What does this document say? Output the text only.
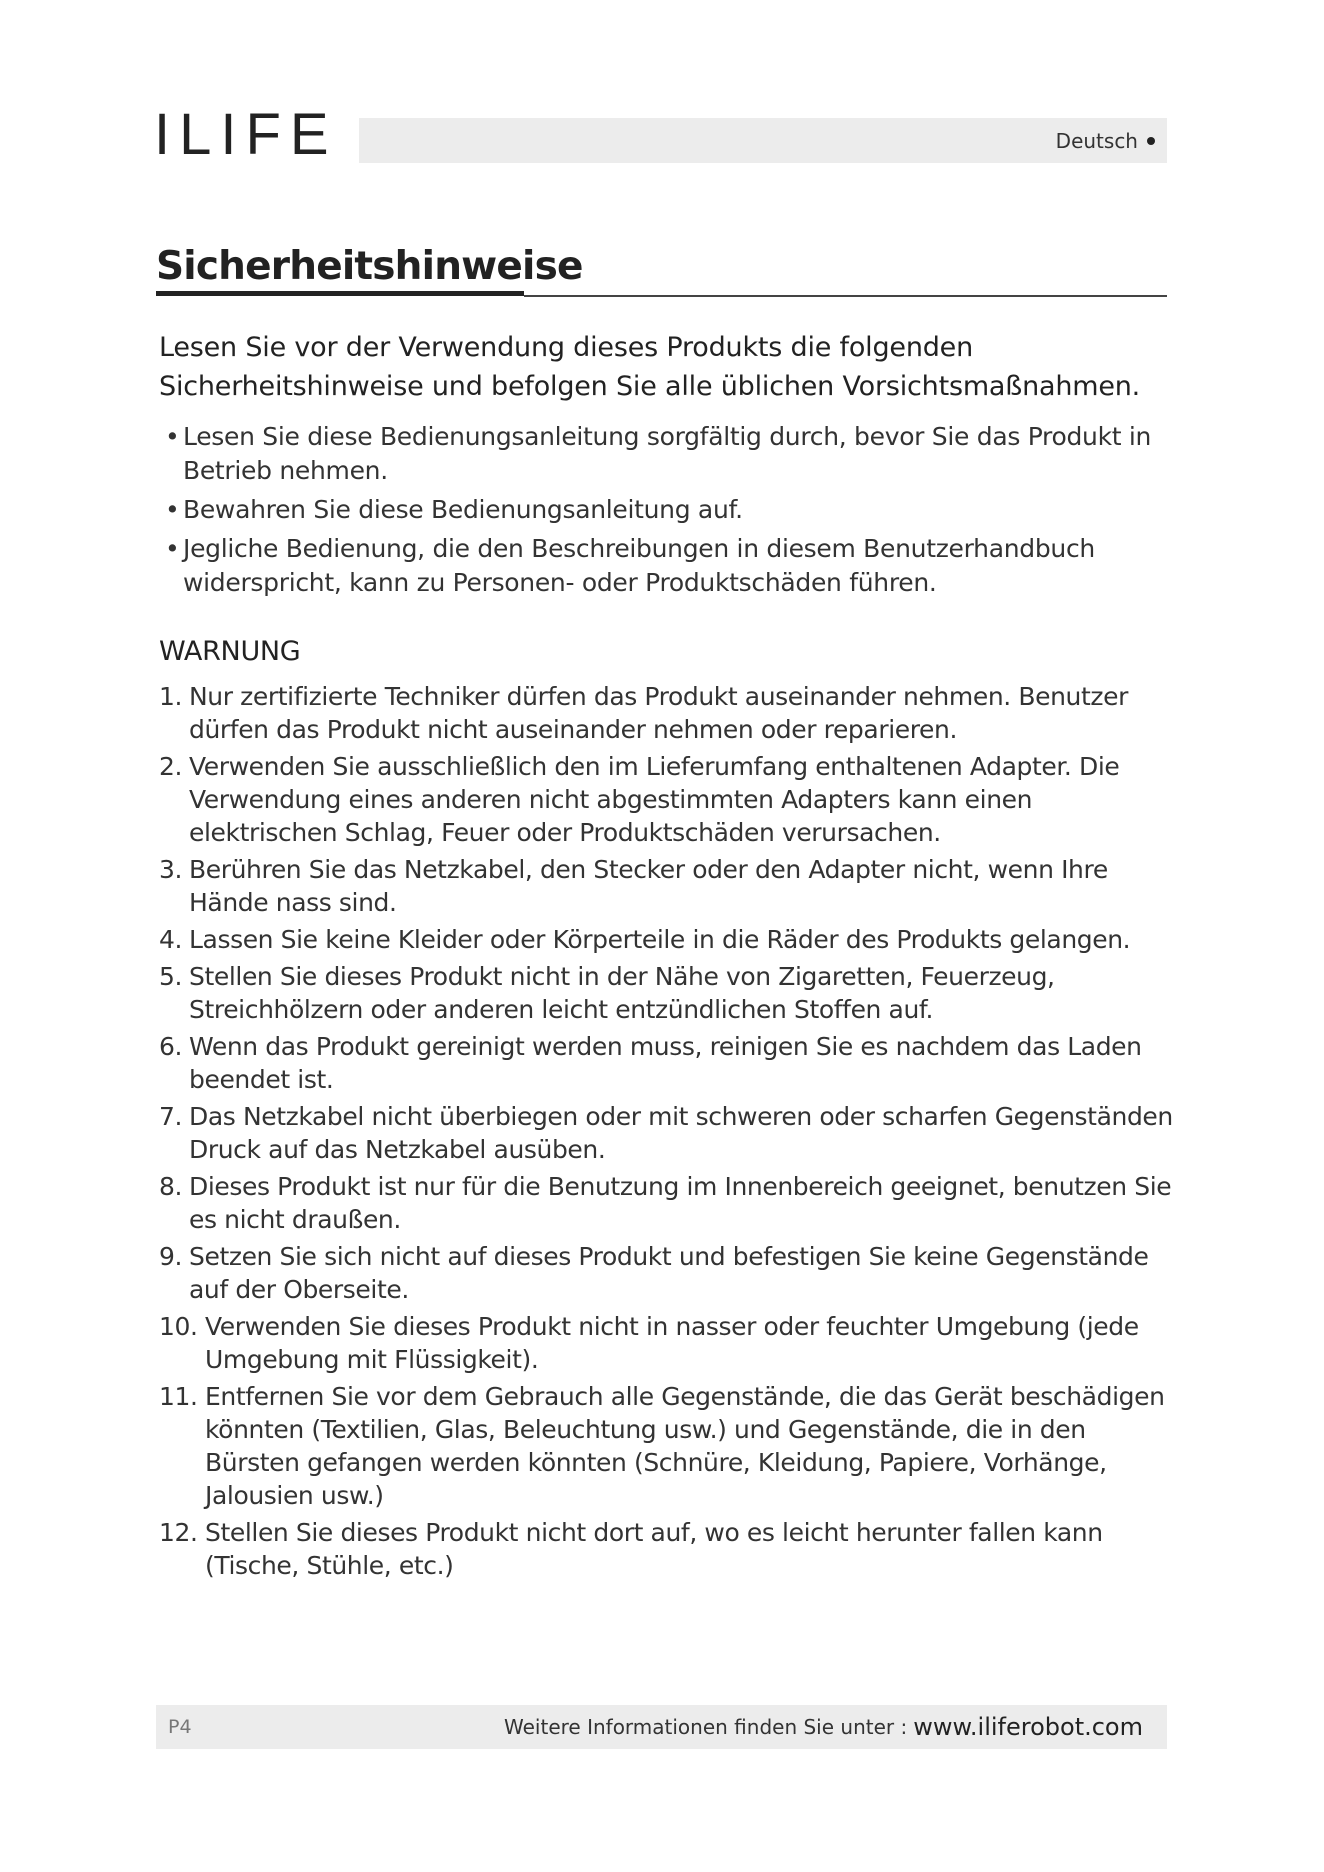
ILIFE	Deutsch
Sicherheitshinweise

Lesen Sie vor der Verwendung dieses Produkts die folgenden Sicherheitshinweise und befolgen Sie alle üblichen Vorsichtsmaßnahmen.

• Lesen Sie diese Bedienungsanleitung sorgfältig durch, bevor Sie das Produkt in Betrieb nehmen.
• Bewahren Sie diese Bedienungsanleitung auf.
• Jegliche Bedienung, die den Beschreibungen in diesem Benutzerhandbuch widerspricht, kann zu Personen- oder Produktschäden führen.
WARNUNG
1. Nur zertifizierte Techniker dürfen das Produkt auseinander nehmen. Benutzer dürfen das Produkt nicht auseinander nehmen oder reparieren.
2. Verwenden Sie ausschließlich den im Lieferumfang enthaltenen Adapter. Die Verwendung eines anderen nicht abgestimmten Adapters kann einen elektrischen Schlag, Feuer oder Produktschäden verursachen.
3. Berühren Sie das Netzkabel, den Stecker oder den Adapter nicht, wenn Ihre Hände nass sind.
4. Lassen Sie keine Kleider oder Körperteile in die Räder des Produkts gelangen.
5. Stellen Sie dieses Produkt nicht in der Nähe von Zigaretten, Feuerzeug, Streichhölzern oder anderen leicht entzündlichen Stoffen auf.
6. Wenn das Produkt gereinigt werden muss, reinigen Sie es nachdem das Laden beendet ist.
7. Das Netzkabel nicht überbiegen oder mit schweren oder scharfen Gegenständen Druck auf das Netzkabel ausüben.
8. Dieses Produkt ist nur für die Benutzung im Innenbereich geeignet, benutzen Sie es nicht draußen.
9. Setzen Sie sich nicht auf dieses Produkt und befestigen Sie keine Gegenstände auf der Oberseite.
10. Verwenden Sie dieses Produkt nicht in nasser oder feuchter Umgebung (jede Umgebung mit Flüssigkeit).
11. Entfernen Sie vor dem Gebrauch alle Gegenstände, die das Gerät beschädigen könnten (Textilien, Glas, Beleuchtung usw.) und Gegenstände, die in den Bürsten gefangen werden könnten (Schnüre, Kleidung, Papiere, Vorhänge, Jalousien usw.)
12. Stellen Sie dieses Produkt nicht dort auf, wo es leicht herunter fallen kann (Tische, Stühle, etc.)
P4	Weitere Informationen finden Sie unter : www.iliferobot.com
